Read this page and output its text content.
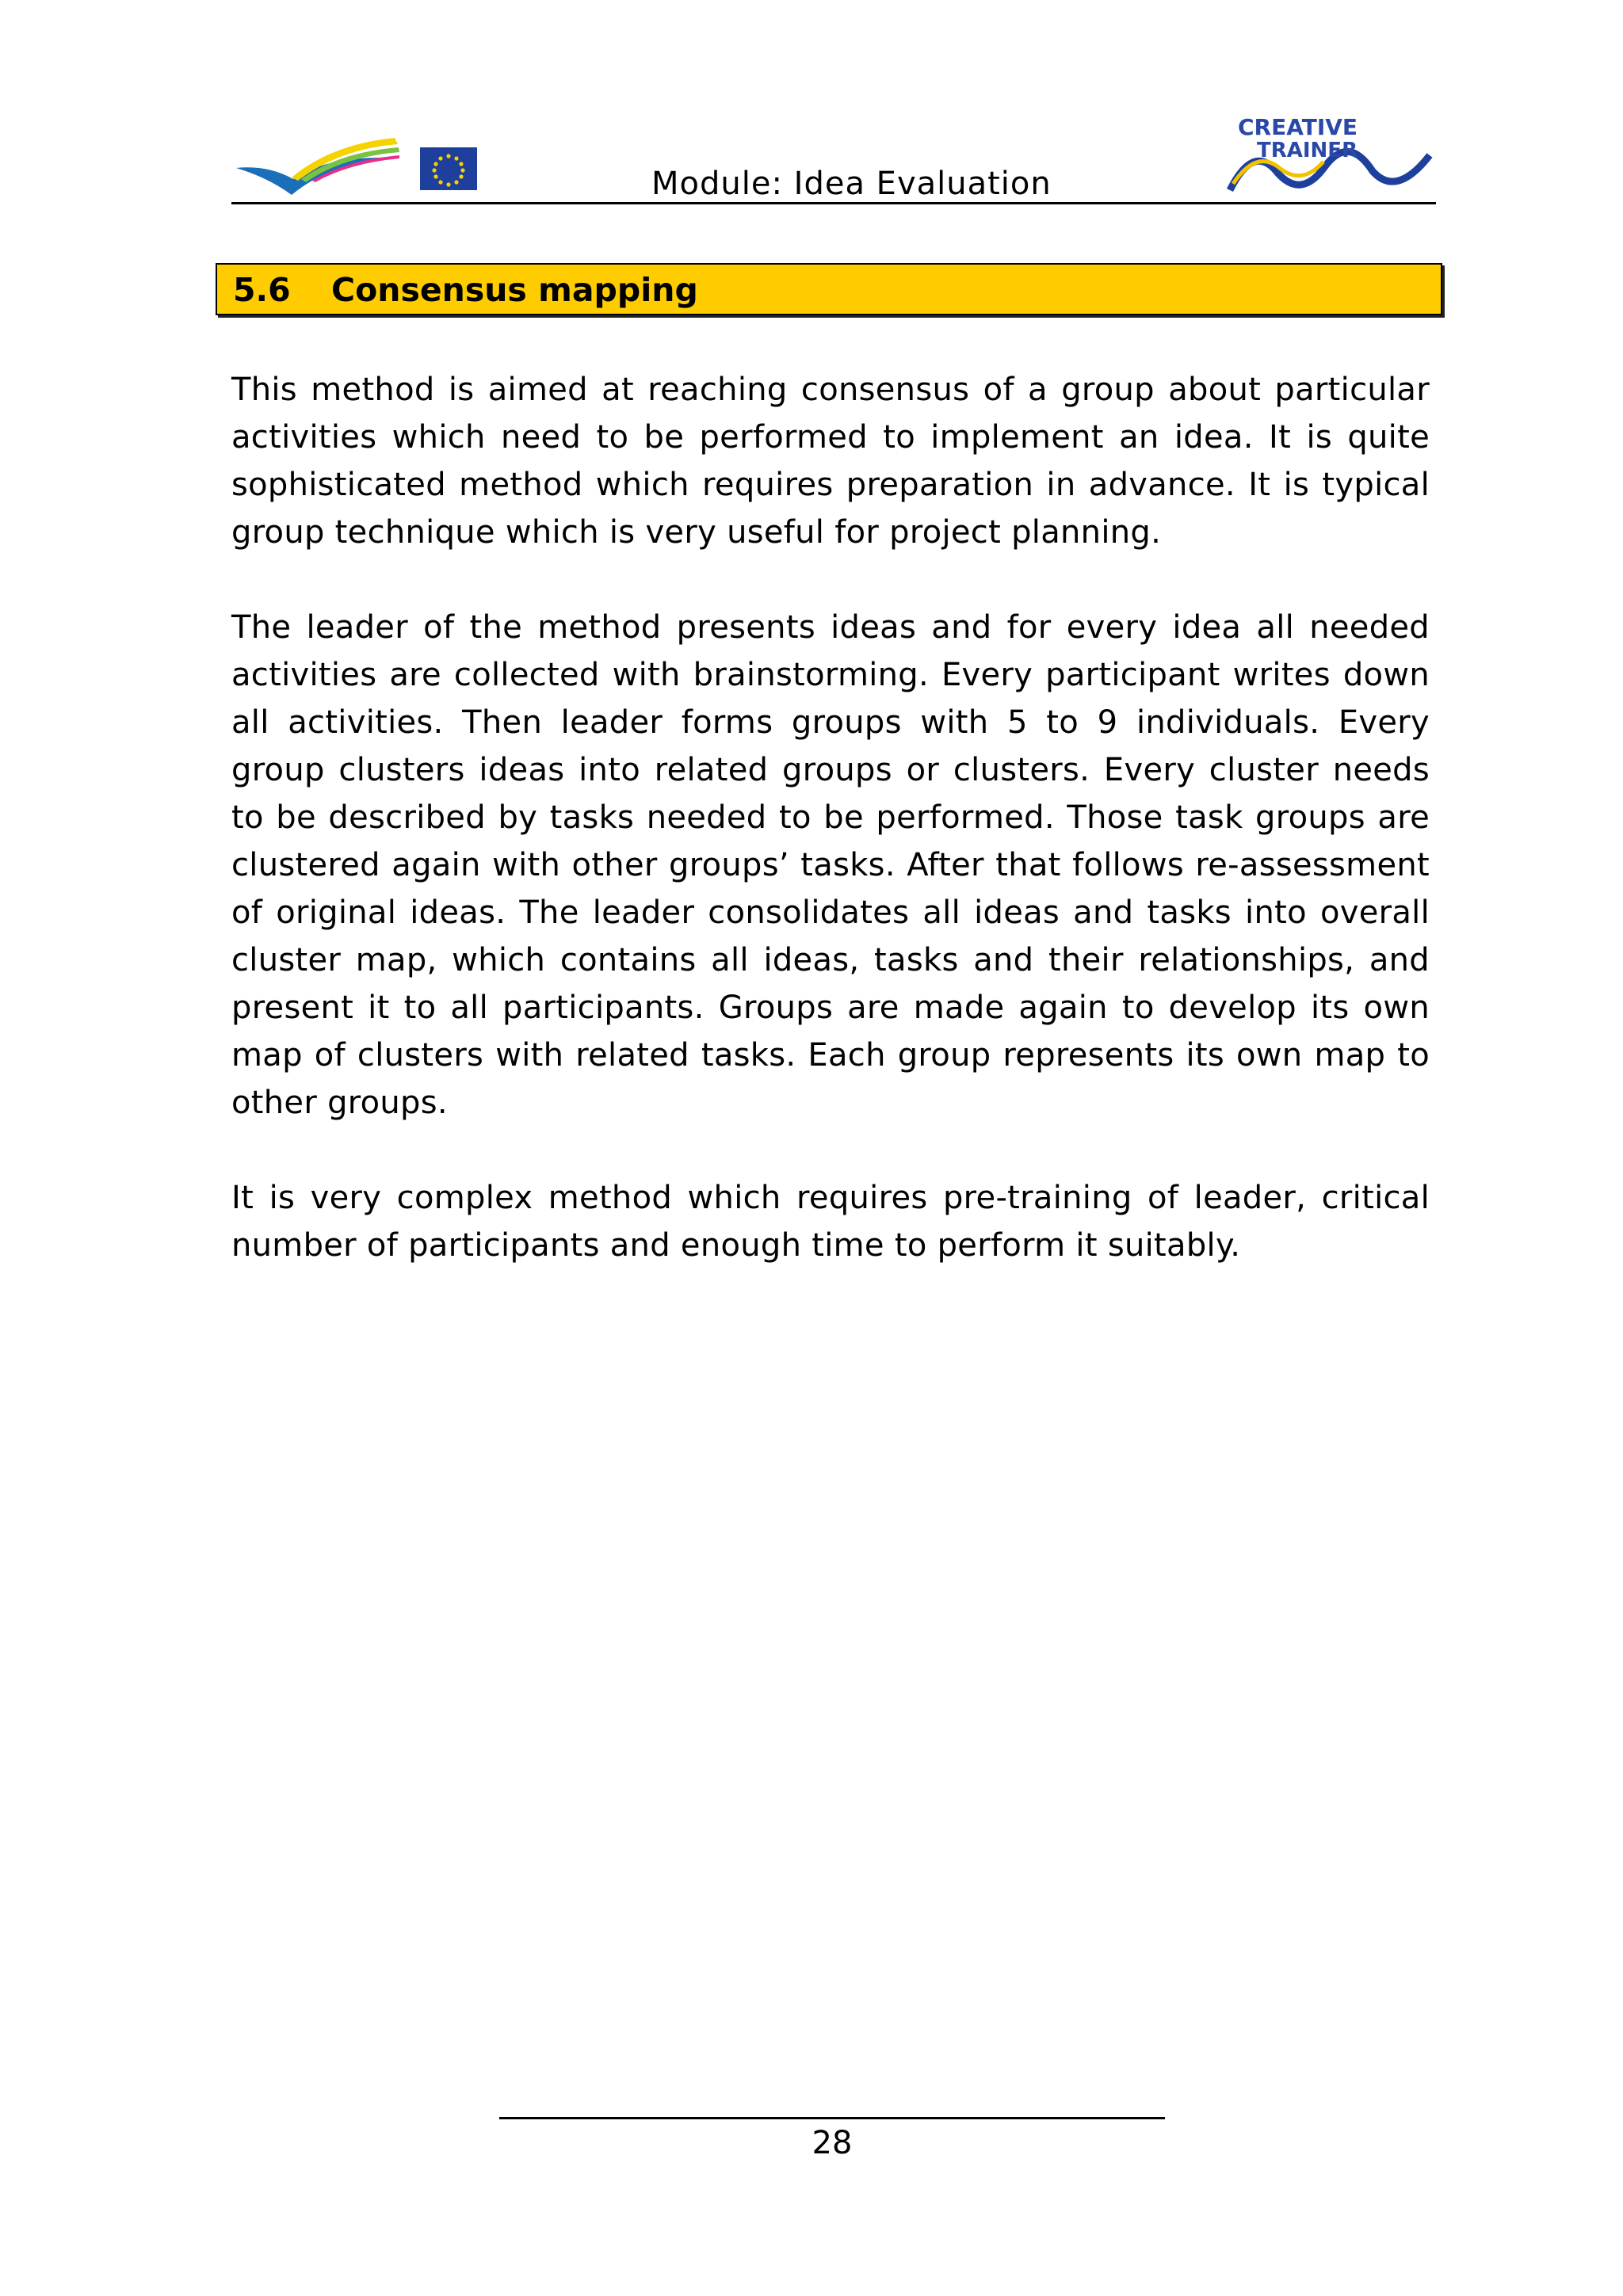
Module: Idea Evaluation
CREATIVE
TRAINER
5.6 Consensus mapping

This method is aimed at reaching consensus of a group about particular activities which need to be performed to implement an idea. It is quite sophisticated method which requires preparation in advance. It is typical group technique which is very useful for project planning.

The leader of the method presents ideas and for every idea all needed activities are collected with brainstorming. Every participant writes down all activities. Then leader forms groups with 5 to 9 individuals. Every group clusters ideas into related groups or clusters. Every cluster needs to be described by tasks needed to be performed. Those task groups are clustered again with other groups’ tasks. After that follows re-assessment of original ideas. The leader consolidates all ideas and tasks into overall cluster map, which contains all ideas, tasks and their relationships, and present it to all participants. Groups are made again to develop its own map of clusters with related tasks. Each group represents its own map to other groups.

It is very complex method which requires pre-training of leader, critical number of participants and enough time to perform it suitably.

28
